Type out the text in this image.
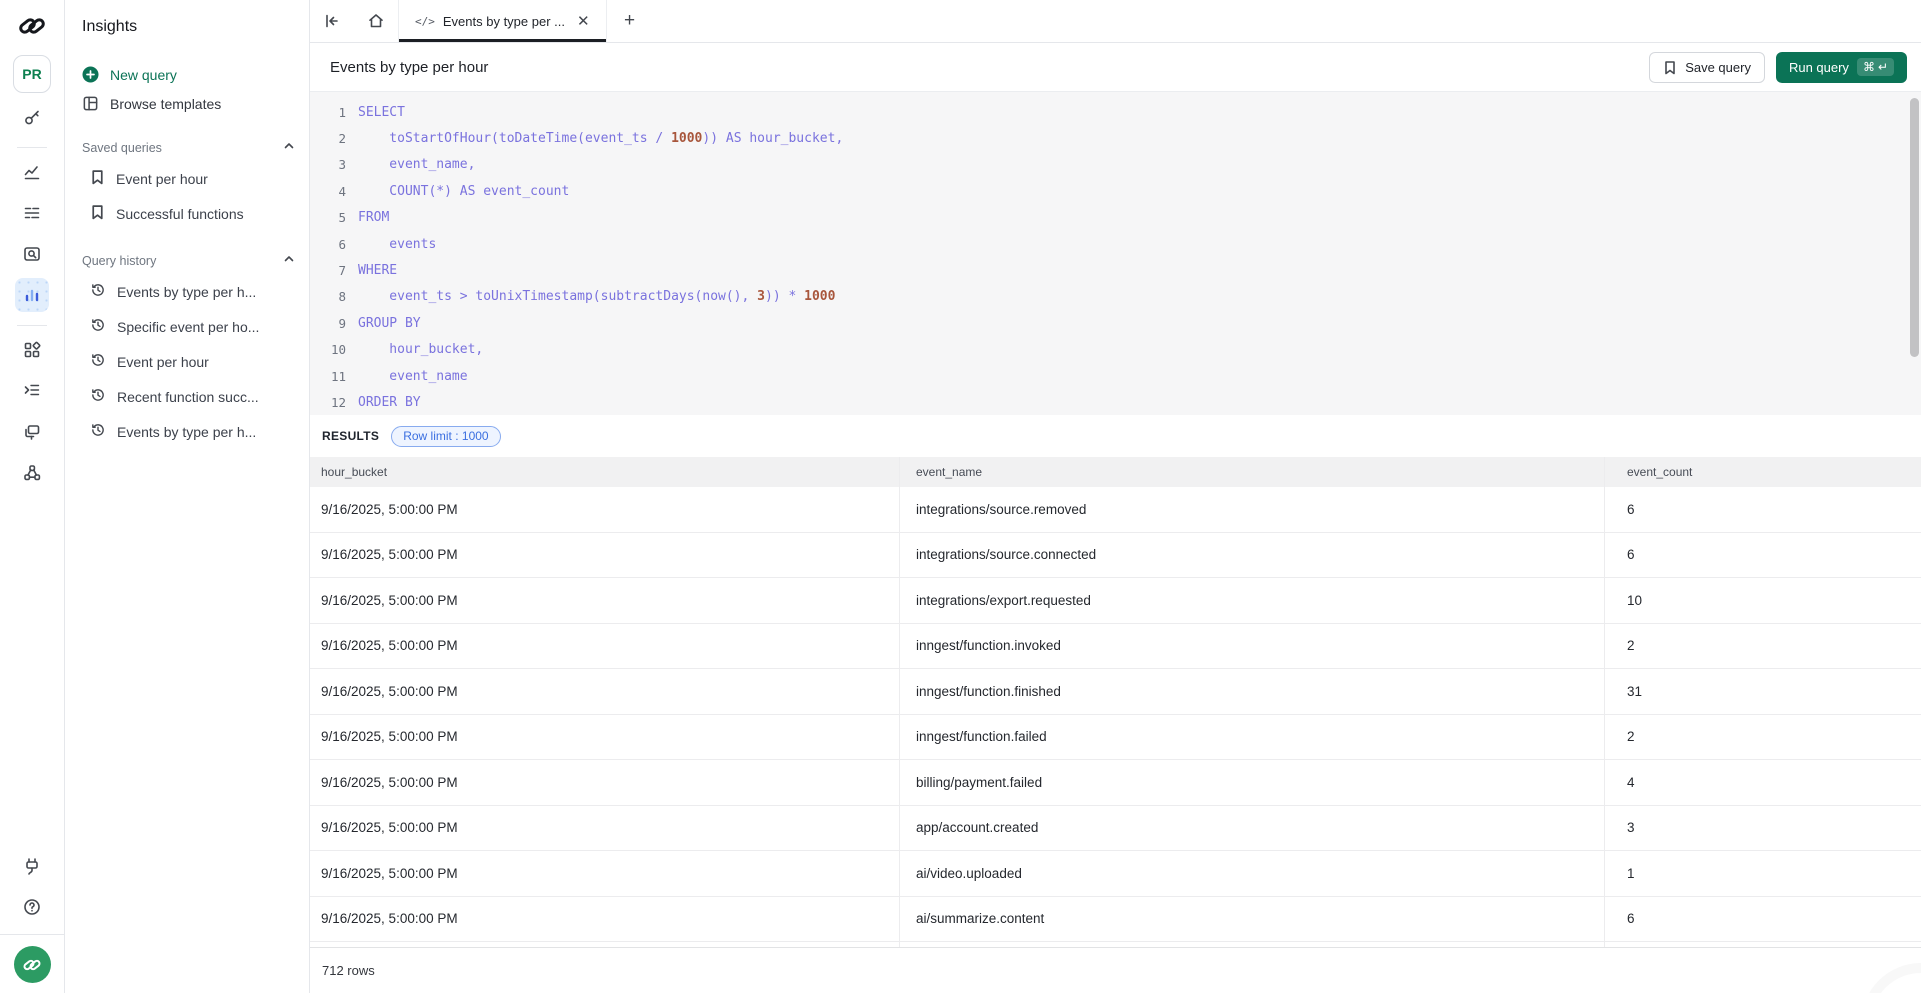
PR
Insights
New query
Browse templates
Saved queries
Event per hour
Successful functions
Query history
Events by type per h...
Specific event per ho...
Event per hour
Recent function succ...
Events by type per h...
</> Events by type per ... ✕	+
Events by type per hour	Save query	Run query ⌘ ↵
1 SELECT
2 toStartOfHour(toDateTime(event_ts / 1000)) AS hour_bucket,
3 event_name,
4 COUNT(*) AS event_count
5 FROM
6 events
7 WHERE
8 event_ts > toUnixTimestamp(subtractDays(now(), 3)) * 1000
9 GROUP BY
10 hour_bucket,
11 event_name
12 ORDER BY
RESULTS	Row limit : 1000
hour_bucket	event_name	event_count
9/16/2025, 5:00:00 PM	integrations/source.removed	6
9/16/2025, 5:00:00 PM	integrations/source.connected	6
9/16/2025, 5:00:00 PM	integrations/export.requested	10
9/16/2025, 5:00:00 PM	inngest/function.invoked	2
9/16/2025, 5:00:00 PM	inngest/function.finished	31
9/16/2025, 5:00:00 PM	inngest/function.failed	2
9/16/2025, 5:00:00 PM	billing/payment.failed	4
9/16/2025, 5:00:00 PM	app/account.created	3
9/16/2025, 5:00:00 PM	ai/video.uploaded	1
9/16/2025, 5:00:00 PM	ai/summarize.content	6
712 rows
